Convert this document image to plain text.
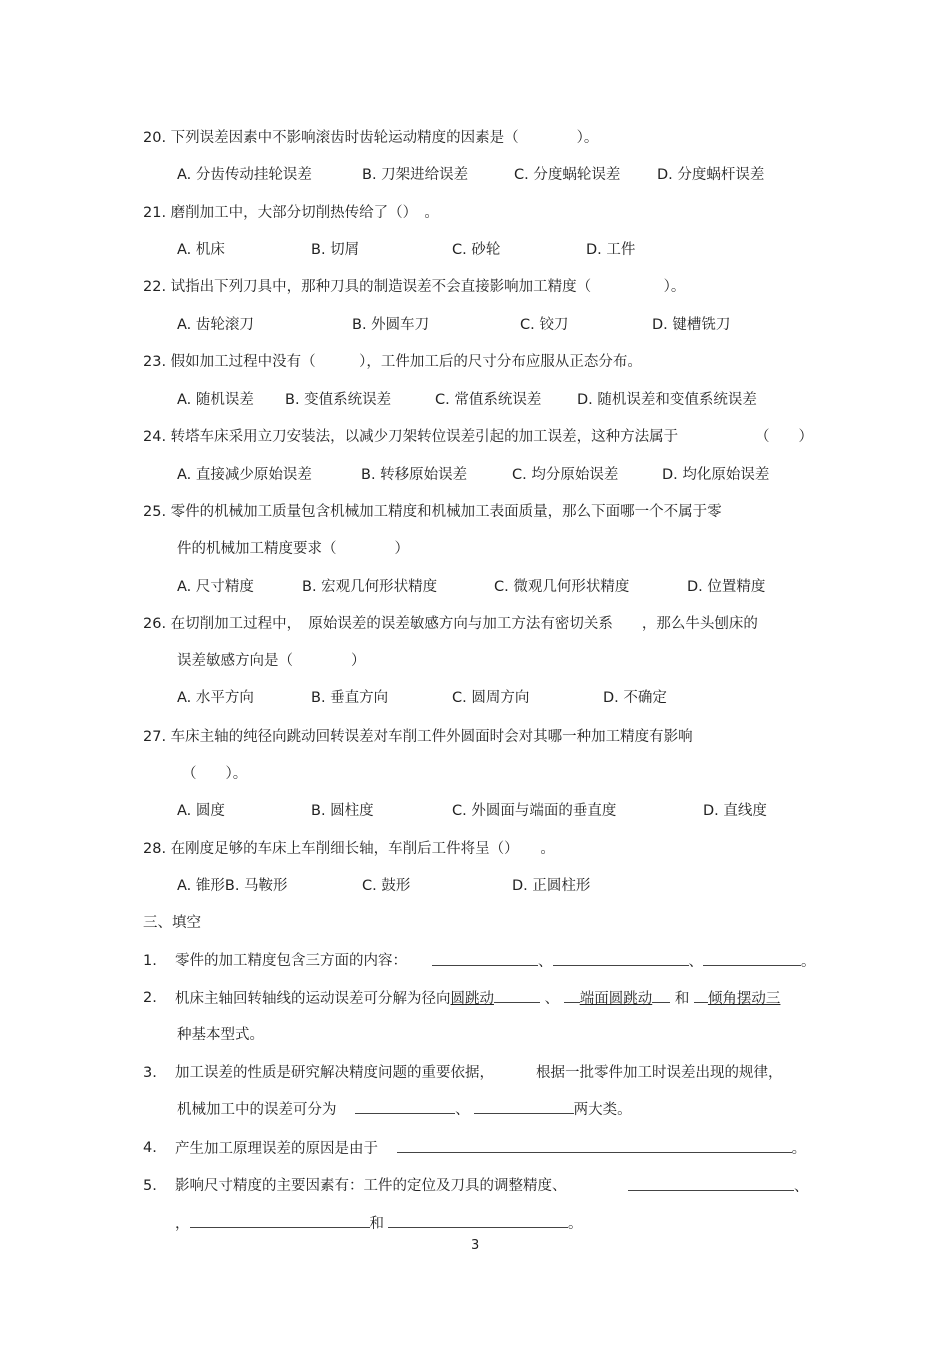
20. 下列误差因素中不影响滚齿时齿轮运动精度的因素是（　　　　）。
A. 分齿传动挂轮误差	B. 刀架进给误差	C. 分度蜗轮误差	D. 分度蜗杆误差
21. 磨削加工中，大部分切削热传给了（）　。
A. 机床	B. 切屑	C. 砂轮	D. 工件
22. 试指出下列刀具中，那种刀具的制造误差不会直接影响加工精度（　　　　　）。
A. 齿轮滚刀	B. 外圆车刀	C. 铰刀	D. 键槽铣刀
23. 假如加工过程中没有（　　　），工件加工后的尺寸分布应服从正态分布。
A. 随机误差 B. 变值系统误差	C. 常值系统误差 D. 随机误差和变值系统误差
24. 转塔车床采用立刀安装法，以减少刀架转位误差引起的加工误差，这种方法属于	（　　）
A. 直接减少原始误差	B. 转移原始误差	C. 均分原始误差	D. 均化原始误差
25. 零件的机械加工质量包含机械加工精度和机械加工表面质量，那么下面哪一个不属于零
件的机械加工精度要求（　　　　）
A. 尺寸精度	B. 宏观几何形状精度	C. 微观几何形状精度	D. 位置精度
26. 在切削加工过程中，　原始误差的误差敏感方向与加工方法有密切关系　　，那么牛头刨床的
误差敏感方向是（　　　　）
A. 水平方向	B. 垂直方向	C. 圆周方向	D. 不确定
27. 车床主轴的纯径向跳动回转误差对车削工件外圆面时会对其哪一种加工精度有影响
（　　）。
A. 圆度	B. 圆柱度	C. 外圆面与端面的垂直度	D. 直线度
28. 在刚度足够的车床上车削细长轴，车削后工件将呈（）　　。
A. 锥形B. 马鞍形	C. 鼓形	D. 正圆柱形
三、填空
1. 零件的加工精度包含三方面的内容：	、	、	。
2. 机床主轴回转轴线的运动误差可分解为径向圆跳动	、 端面圆跳动 和 倾角摆动三
种基本型式。
3. 加工误差的性质是研究解决精度问题的重要依据，	根据一批零件加工时误差出现的规律，
机械加工中的误差可分为	、	两大类。
4. 产生加工原理误差的原因是由于	。
5. 影响尺寸精度的主要因素有：工件的定位及刀具的调整精度、	、
，	和	。
3
